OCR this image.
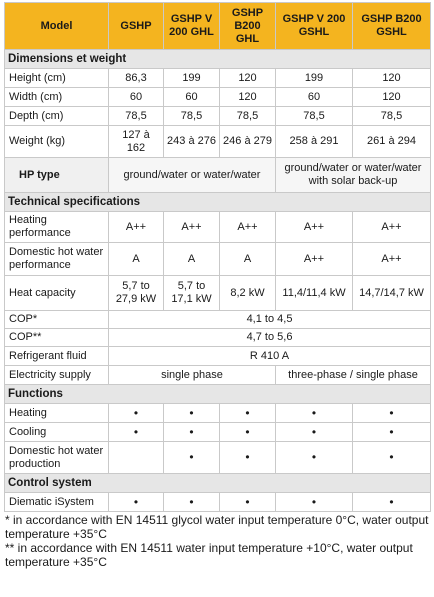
Model	GSHP	GSHP V 200 GHL	GSHP B200 GHL	GSHP V 200 GSHL	GSHP B200 GSHL
Dimensions et weight					
Height (cm)	86,3	199	120	199	120
Width (cm)	60	60	120	60	120
Depth (cm)	78,5	78,5	78,5	78,5	78,5
Weight (kg)	127 à 162	243 à 276	246 à 279	258 à 291	261 à 294
HP type	ground/water or water/water			ground/water or water/water with solar back-up	
Technical specifications					
Heating performance	A++	A++	A++	A++	A++
Domestic hot water performance	A	A	A	A++	A++
Heat capacity	5,7 to 27,9 kW	5,7 to 17,1 kW	8,2 kW	11,4/11,4 kW	14,7/14,7 kW
COP*	4,1 to 4,5				
COP**	4,7 to 5,6				
Refrigerant fluid	R 410 A				
Electricity supply	single phase			three-phase / single phase	
Functions					
Heating	•	•	•	•	•
Cooling	•	•	•	•	•
Domestic hot water production		•	•	•	•
Control system					
Diematic iSystem	•	•	•	•	•
* in accordance with EN 14511 glycol water input temperature 0°C, water output temperature +35°C
** in accordance with EN 14511 water input temperature +10°C, water output temperature +35°C
